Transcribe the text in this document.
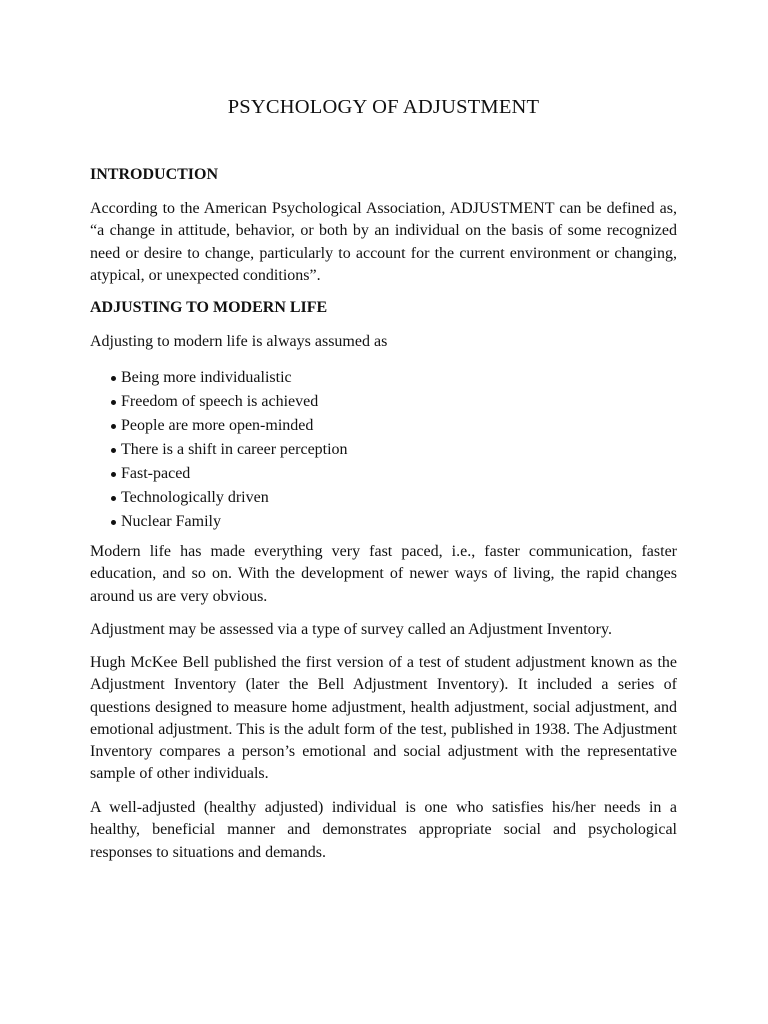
PSYCHOLOGY OF ADJUSTMENT
INTRODUCTION

According to the American Psychological Association, ADJUSTMENT can be defined as, “a change in attitude, behavior, or both by an individual on the basis of some recognized need or desire to change, particularly to account for the current environment or changing, atypical, or unexpected conditions”.

ADJUSTING TO MODERN LIFE

Adjusting to modern life is always assumed as

Being more individualistic
Freedom of speech is achieved
People are more open-minded
There is a shift in career perception
Fast-paced
Technologically driven
Nuclear Family

Modern life has made everything very fast paced, i.e., faster communication, faster education, and so on. With the development of newer ways of living, the rapid changes around us are very obvious.

Adjustment may be assessed via a type of survey called an Adjustment Inventory.

Hugh McKee Bell published the first version of a test of student adjustment known as the Adjustment Inventory (later the Bell Adjustment Inventory). It included a series of questions designed to measure home adjustment, health adjustment, social adjustment, and emotional adjustment. This is the adult form of the test, published in 1938. The Adjustment Inventory compares a person’s emotional and social adjustment with the representative sample of other individuals.

A well-adjusted (healthy adjusted) individual is one who satisfies his/her needs in a healthy, beneficial manner and demonstrates appropriate social and psychological responses to situations and demands.
